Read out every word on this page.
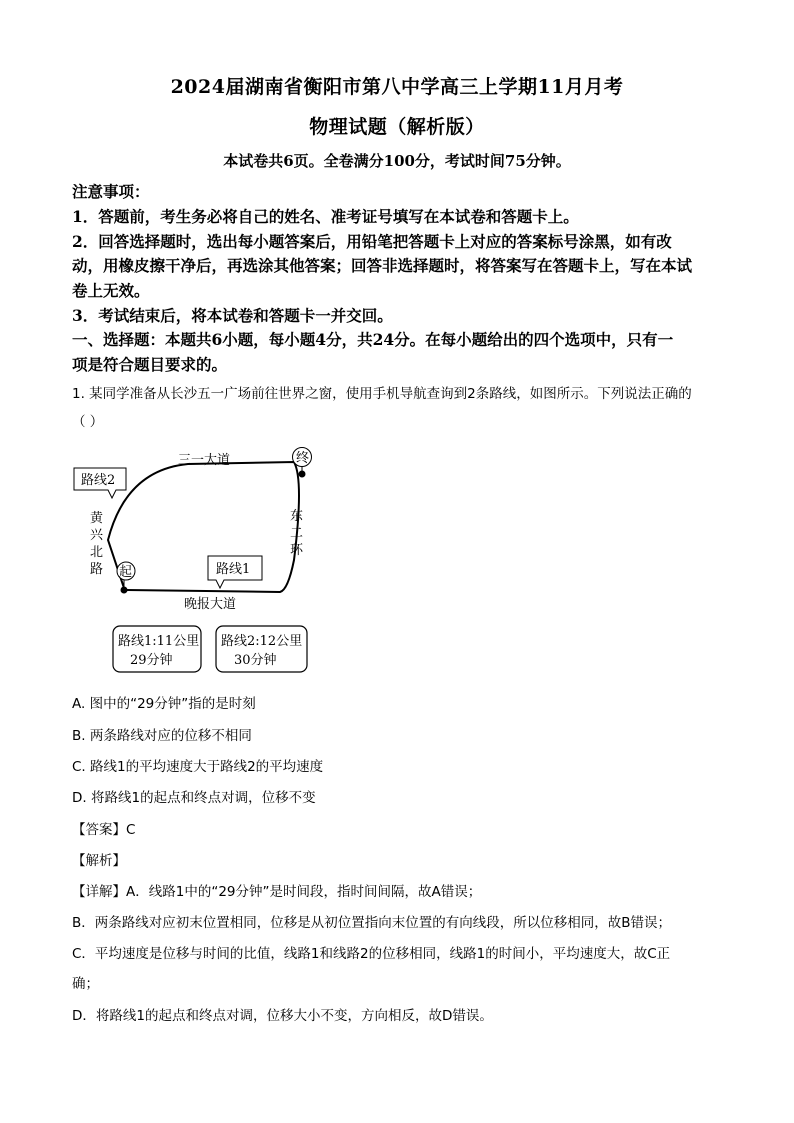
2024届湖南省衡阳市第八中学高三上学期11月月考
物理试题（解析版）
本试卷共6页。全卷满分100分，考试时间75分钟。
注意事项：
1．答题前，考生务必将自己的姓名、准考证号填写在本试卷和答题卡上。
2．回答选择题时，选出每小题答案后，用铅笔把答题卡上对应的答案标号涂黑，如有改
动，用橡皮擦干净后，再选涂其他答案；回答非选择题时，将答案写在答题卡上，写在本试
卷上无效。
3．考试结束后，将本试卷和答题卡一并交回。
一、选择题：本题共6小题，每小题4分，共24分。在每小题给出的四个选项中，只有一
项是符合题目要求的。
1. 某同学准备从长沙五一广场前往世界之窗，使用手机导航查询到2条路线，如图所示。下列说法正确的
（ ）
起
终
三一大道
晚报大道
黄
兴
北
路
东
二
环
路线2
路线1
路线1:11公里
29分钟
路线2:12公里
30分钟
A. 图中的“29分钟”指的是时刻
B. 两条路线对应的位移不相同
C. 路线1的平均速度大于路线2的平均速度
D. 将路线1的起点和终点对调，位移不变
【答案】C
【解析】
【详解】A．线路1中的“29分钟”是时间段，指时间间隔，故A错误；
B．两条路线对应初末位置相同，位移是从初位置指向末位置的有向线段，所以位移相同，故B错误；
C．平均速度是位移与时间的比值，线路1和线路2的位移相同，线路1的时间小，平均速度大，故C正
确；
D．将路线1的起点和终点对调，位移大小不变，方向相反，故D错误。
